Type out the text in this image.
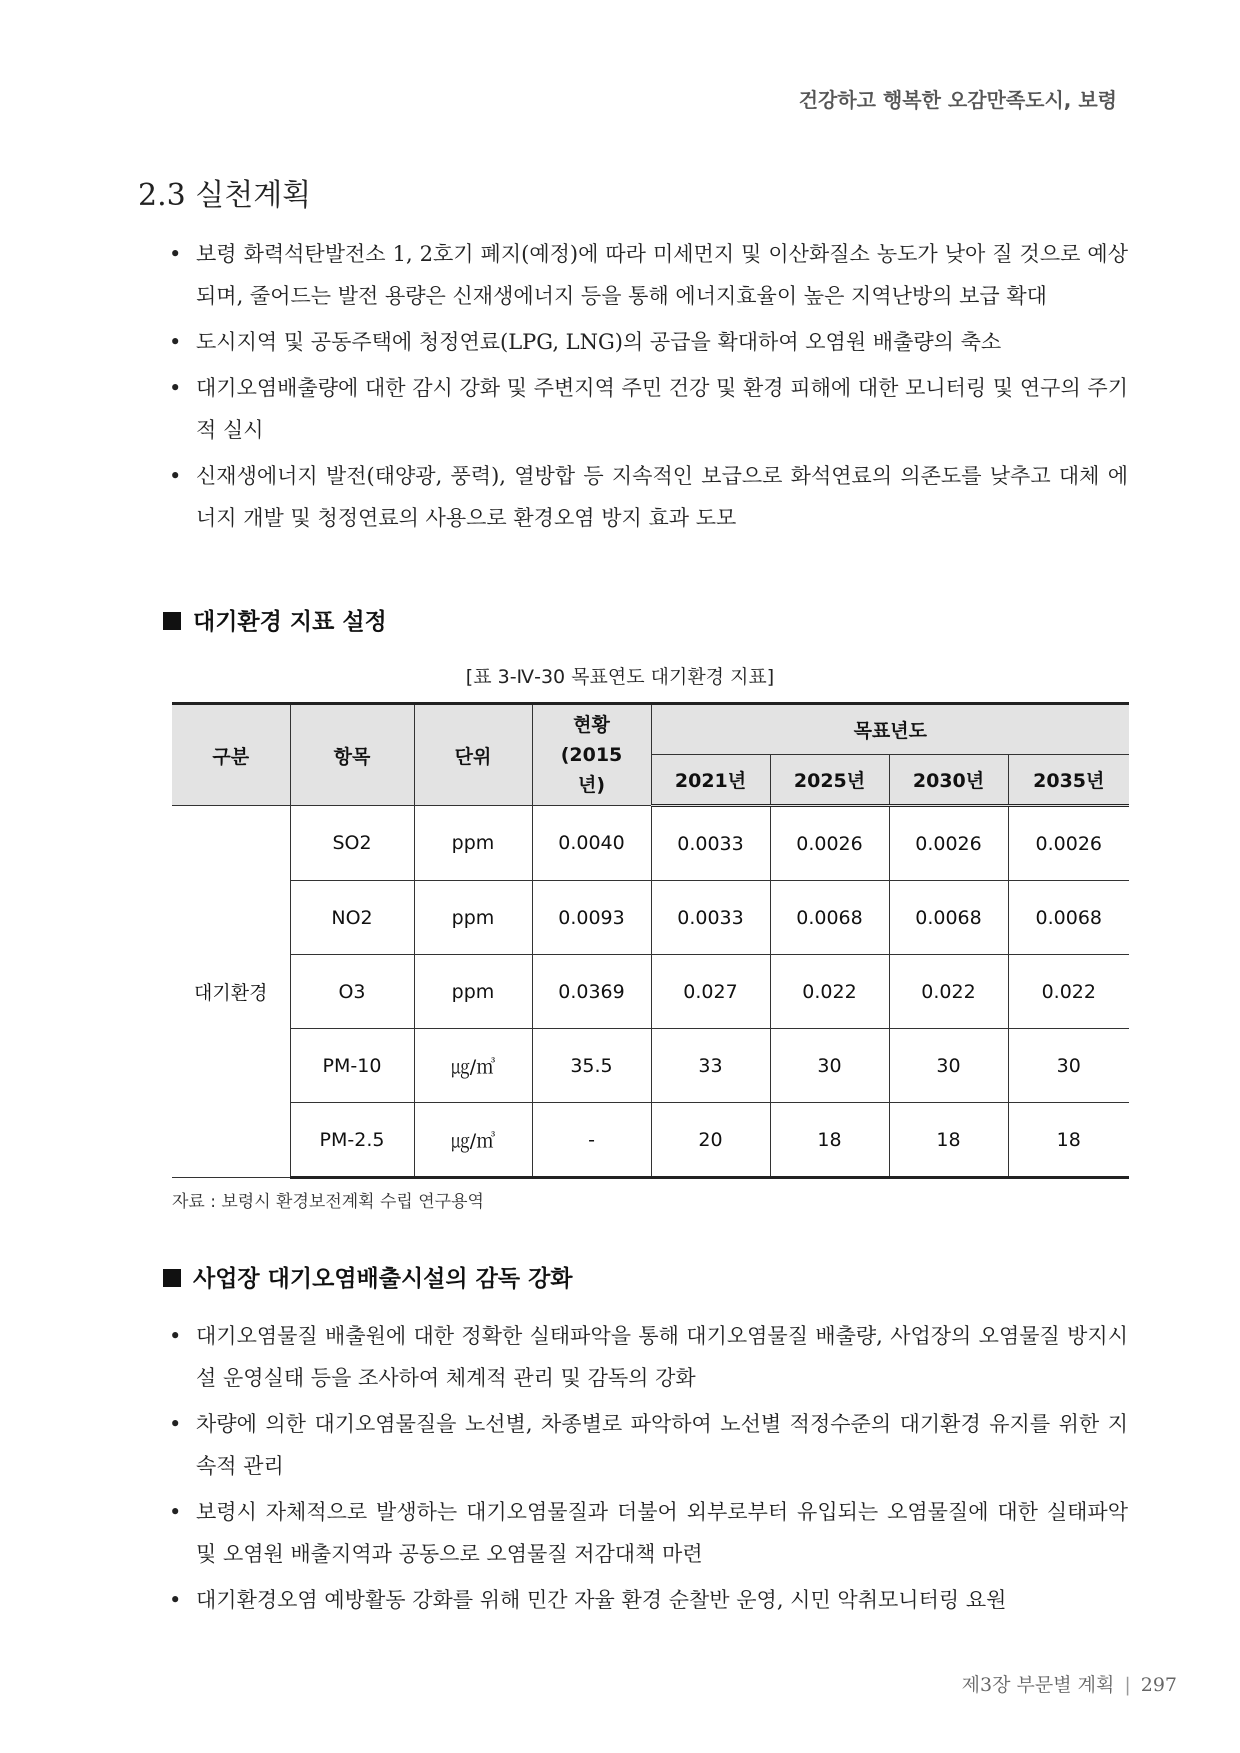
건강하고 행복한 오감만족도시, 보령
2.3 실천계획
• 보령 화력석탄발전소 1, 2호기 폐지(예정)에 따라 미세먼지 및 이산화질소 농도가 낮아 질 것으로 예상되며, 줄어드는 발전 용량은 신재생에너지 등을 통해 에너지효율이 높은 지역난방의 보급 확대
• 도시지역 및 공동주택에 청정연료(LPG, LNG)의 공급을 확대하여 오염원 배출량의 축소
• 대기오염배출량에 대한 감시 강화 및 주변지역 주민 건강 및 환경 피해에 대한 모니터링 및 연구의 주기적 실시
• 신재생에너지 발전(태양광, 풍력), 열방합 등 지속적인 보급으로 화석연료의 의존도를 낮추고 대체 에너지 개발 및 청정연료의 사용으로 환경오염 방지 효과 도모
대기환경 지표 설정
[표 3-Ⅳ-30 목표연도 대기환경 지표]
구분	항목	단위	현황 (2015년)	목표년도			
				2021년	2025년	2030년	2035년
대기환경	SO2	ppm	0.0040	0.0033	0.0026	0.0026	0.0026
	NO2	ppm	0.0093	0.0033	0.0068	0.0068	0.0068
	O3	ppm	0.0369	0.027	0.022	0.022	0.022
	PM-10	㎍/㎥	35.5	33	30	30	30
	PM-2.5	㎍/㎥	-	20	18	18	18
자료 : 보령시 환경보전계획 수립 연구용역
사업장 대기오염배출시설의 감독 강화
• 대기오염물질 배출원에 대한 정확한 실태파악을 통해 대기오염물질 배출량, 사업장의 오염물질 방지시설 운영실태 등을 조사하여 체계적 관리 및 감독의 강화
• 차량에 의한 대기오염물질을 노선별, 차종별로 파악하여 노선별 적정수준의 대기환경 유지를 위한 지속적 관리
• 보령시 자체적으로 발생하는 대기오염물질과 더불어 외부로부터 유입되는 오염물질에 대한 실태파악 및 오염원 배출지역과 공동으로 오염물질 저감대책 마련
• 대기환경오염 예방활동 강화를 위해 민간 자율 환경 순찰반 운영, 시민 악취모니터링 요원
제3장 부문별 계획 | 297
